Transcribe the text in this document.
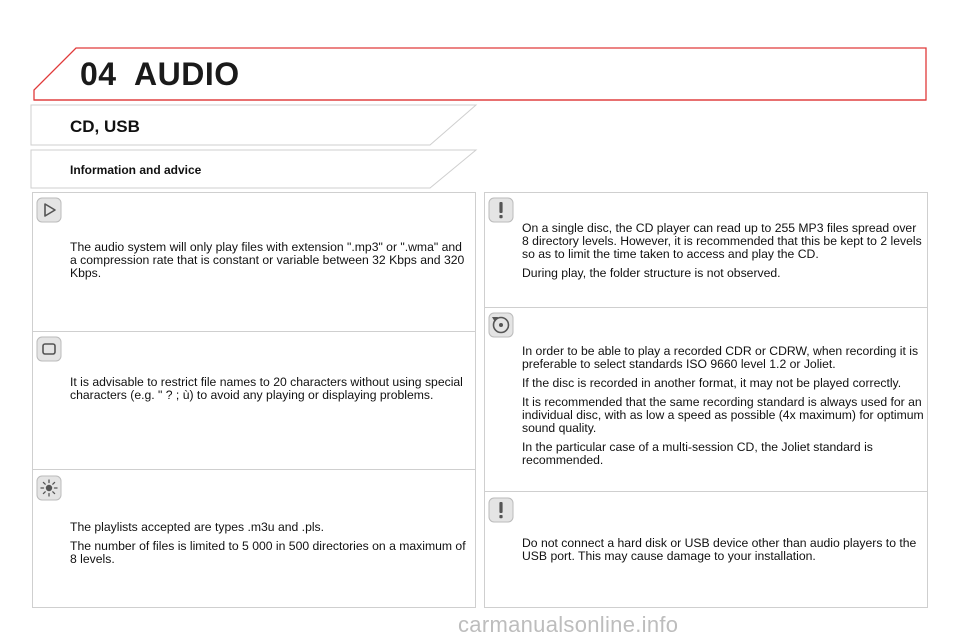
04 AUDIO
CD, USB
Information and advice

The audio system will only play files with extension ".mp3" or ".wma" and a compression rate that is constant or variable between 32 Kbps and 320 Kbps.

It is advisable to restrict file names to 20 characters without using special characters (e.g. " ? ; ù) to avoid any playing or displaying problems.

The playlists accepted are types .m3u and .pls.

The number of files is limited to 5 000 in 500 directories on a maximum of 8 levels.

On a single disc, the CD player can read up to 255 MP3 files spread over 8 directory levels. However, it is recommended that this be kept to 2 levels so as to limit the time taken to access and play the CD.

During play, the folder structure is not observed.

In order to be able to play a recorded CDR or CDRW, when recording it is preferable to select standards ISO 9660 level 1.2 or Joliet.

If the disc is recorded in another format, it may not be played correctly.

It is recommended that the same recording standard is always used for an individual disc, with as low a speed as possible (4x maximum) for optimum sound quality.

In the particular case of a multi-session CD, the Joliet standard is recommended.

Do not connect a hard disk or USB device other than audio players to the USB port. This may cause damage to your installation.

carmanualsonline.info
